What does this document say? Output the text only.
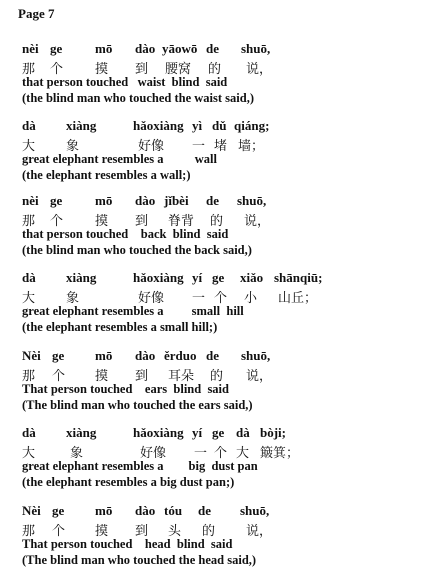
Page 7
nèi ge	mō dào yāowō de shuō,
那 个 摸 到 腰窝 的 说，
that person touched   waist  blind  said
(the blind man who touched the waist said,)
dà xiàng	hǎoxiàng yì dǔ qiáng;
大 象	好像 一 堵 墙；
great elephant resembles a          wall
(the elephant resembles a wall;)
nèi ge	mō dào jǐbèi de shuō,
那 个 摸 到 脊背 的 说，
that person touched    back  blind  said
(the blind man who touched the back said,)
dà xiàng	hǎoxiàng yí ge xiǎo shānqiū;
大 象	好像 一 个 小 山丘；
great elephant resembles a         small  hill
(the elephant resembles a small hill;)
Nèi ge mō dào ěrduo de shuō,
那 个 摸 到 耳朵 的 说，
That person touched    ears  blind  said
(The blind man who touched the ears said,)
dà xiàng	hǎoxiàng yí ge dà bòji;
大	象	好像 一 个 大 簸箕；
great elephant resembles a        big  dust pan
(the elephant resembles a big dust pan;)
Nèi ge mō dào tóu de shuō,
那 个 摸 到 头 的 说，
That person touched    head  blind  said
(The blind man who touched the head said,)
